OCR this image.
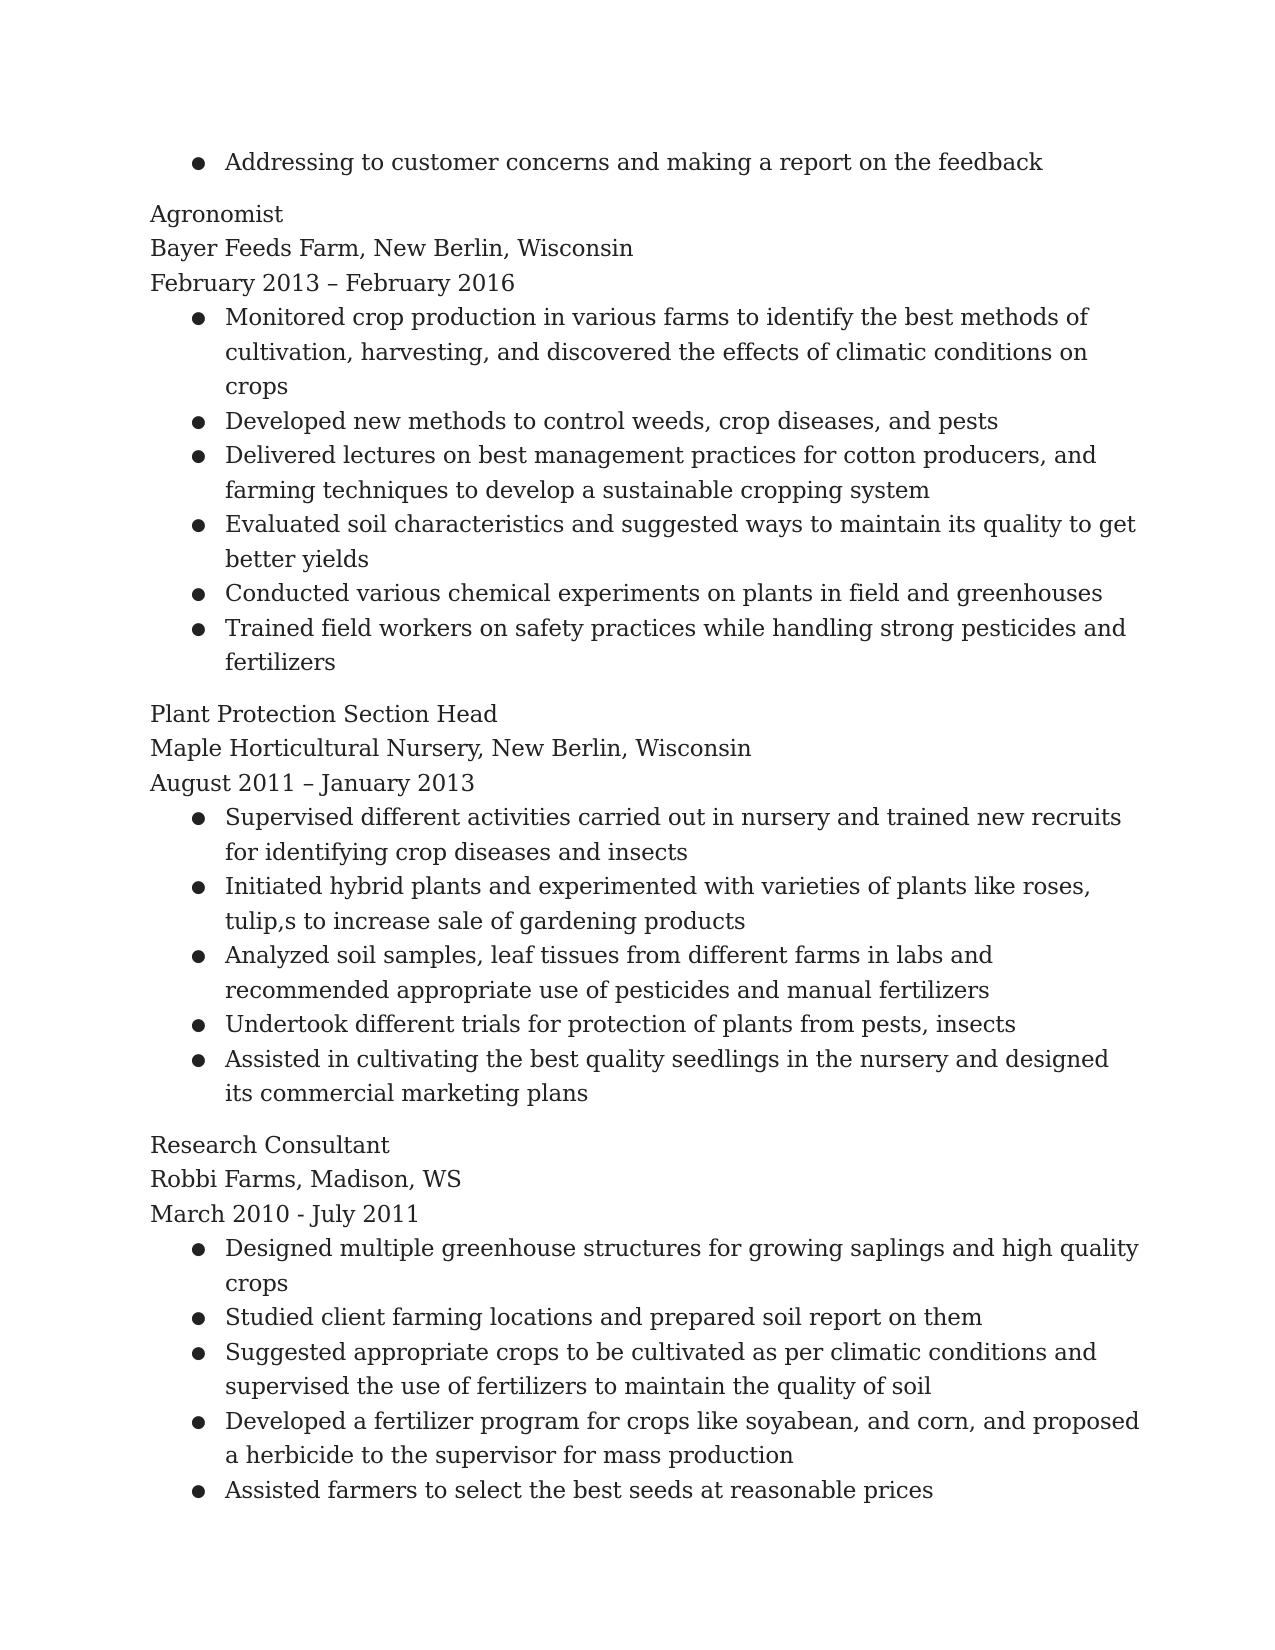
● Addressing to customer concerns and making a report on the feedback
Agronomist
Bayer Feeds Farm, New Berlin, Wisconsin
February 2013 – February 2016
● Monitored crop production in various farms to identify the best methods of cultivation, harvesting, and discovered the effects of climatic conditions on crops
● Developed new methods to control weeds, crop diseases, and pests
● Delivered lectures on best management practices for cotton producers, and farming techniques to develop a sustainable cropping system
● Evaluated soil characteristics and suggested ways to maintain its quality to get better yields
● Conducted various chemical experiments on plants in field and greenhouses
● Trained field workers on safety practices while handling strong pesticides and fertilizers
Plant Protection Section Head
Maple Horticultural Nursery, New Berlin, Wisconsin
August 2011 – January 2013
● Supervised different activities carried out in nursery and trained new recruits for identifying crop diseases and insects
● Initiated hybrid plants and experimented with varieties of plants like roses, tulip,s to increase sale of gardening products
● Analyzed soil samples, leaf tissues from different farms in labs and recommended appropriate use of pesticides and manual fertilizers
● Undertook different trials for protection of plants from pests, insects
● Assisted in cultivating the best quality seedlings in the nursery and designed its commercial marketing plans
Research Consultant
Robbi Farms, Madison, WS
March 2010 - July 2011
● Designed multiple greenhouse structures for growing saplings and high quality crops
● Studied client farming locations and prepared soil report on them
● Suggested appropriate crops to be cultivated as per climatic conditions and supervised the use of fertilizers to maintain the quality of soil
● Developed a fertilizer program for crops like soyabean, and corn, and proposed a herbicide to the supervisor for mass production
● Assisted farmers to select the best seeds at reasonable prices
